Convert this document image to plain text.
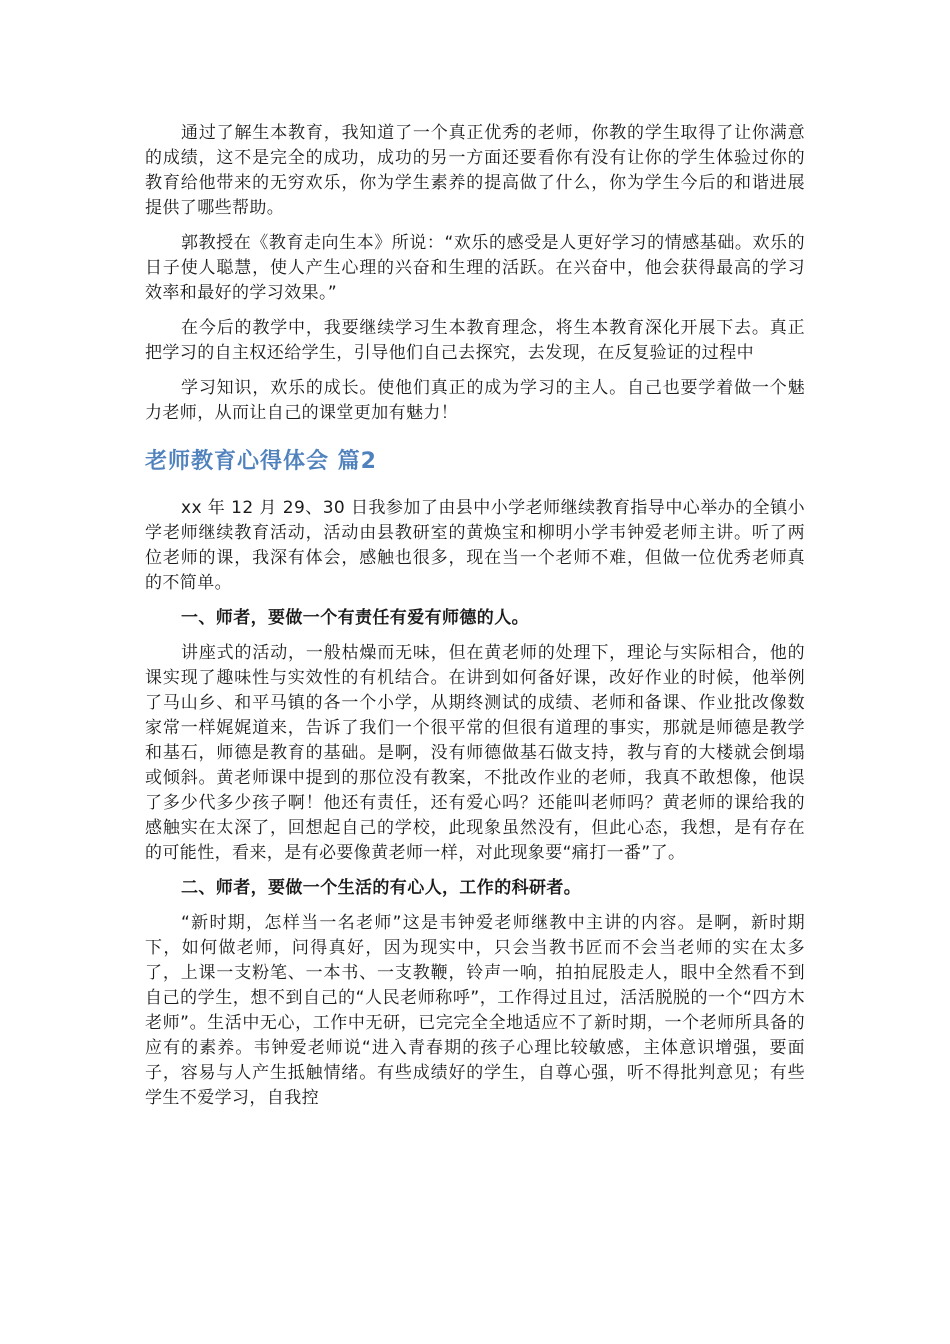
通过了解生本教育，我知道了一个真正优秀的老师，你教的学生取得了让你满意的成绩，这不是完全的成功，成功的另一方面还要看你有没有让你的学生体验过你的教育给他带来的无穷欢乐，你为学生素养的提高做了什么，你为学生今后的和谐进展提供了哪些帮助。

郭教授在《教育走向生本》所说：“欢乐的感受是人更好学习的情感基础。欢乐的日子使人聪慧，使人产生心理的兴奋和生理的活跃。在兴奋中，他会获得最高的学习效率和最好的学习效果。”

在今后的教学中，我要继续学习生本教育理念，将生本教育深化开展下去。真正把学习的自主权还给学生，引导他们自己去探究，去发现，在反复验证的过程中

学习知识，欢乐的成长。使他们真正的成为学习的主人。自己也要学着做一个魅力老师，从而让自己的课堂更加有魅力！

老师教育心得体会 篇2

xx 年 12 月 29、30 日我参加了由县中小学老师继续教育指导中心举办的全镇小学老师继续教育活动，活动由县教研室的黄焕宝和柳明小学韦钟爱老师主讲。听了两位老师的课，我深有体会，感触也很多，现在当一个老师不难，但做一位优秀老师真的不简单。

一、师者，要做一个有责任有爱有师德的人。

讲座式的活动，一般枯燥而无味，但在黄老师的处理下，理论与实际相合，他的课实现了趣味性与实效性的有机结合。在讲到如何备好课，改好作业的时候，他举例了马山乡、和平马镇的各一个小学，从期终测试的成绩、老师和备课、作业批改像数家常一样娓娓道来，告诉了我们一个很平常的但很有道理的事实，那就是师德是教学和基石，师德是教育的基础。是啊，没有师德做基石做支持，教与育的大楼就会倒塌或倾斜。黄老师课中提到的那位没有教案，不批改作业的老师，我真不敢想像，他误了多少代多少孩子啊！他还有责任，还有爱心吗？还能叫老师吗？黄老师的课给我的感触实在太深了，回想起自己的学校，此现象虽然没有，但此心态，我想，是有存在的可能性，看来，是有必要像黄老师一样，对此现象要“痛打一番”了。

二、师者，要做一个生活的有心人，工作的科研者。

“新时期，怎样当一名老师”这是韦钟爱老师继教中主讲的内容。是啊，新时期下，如何做老师，问得真好，因为现实中，只会当教书匠而不会当老师的实在太多了，上课一支粉笔、一本书、一支教鞭，铃声一响，拍拍屁股走人，眼中全然看不到自己的学生，想不到自己的“人民老师称呼”，工作得过且过，活活脱脱的一个“四方木老师”。生活中无心，工作中无研，已完完全全地适应不了新时期，一个老师所具备的应有的素养。韦钟爱老师说“进入青春期的孩子心理比较敏感，主体意识增强，要面子，容易与人产生抵触情绪。有些成绩好的学生，自尊心强，听不得批判意见；有些学生不爱学习，自我控
